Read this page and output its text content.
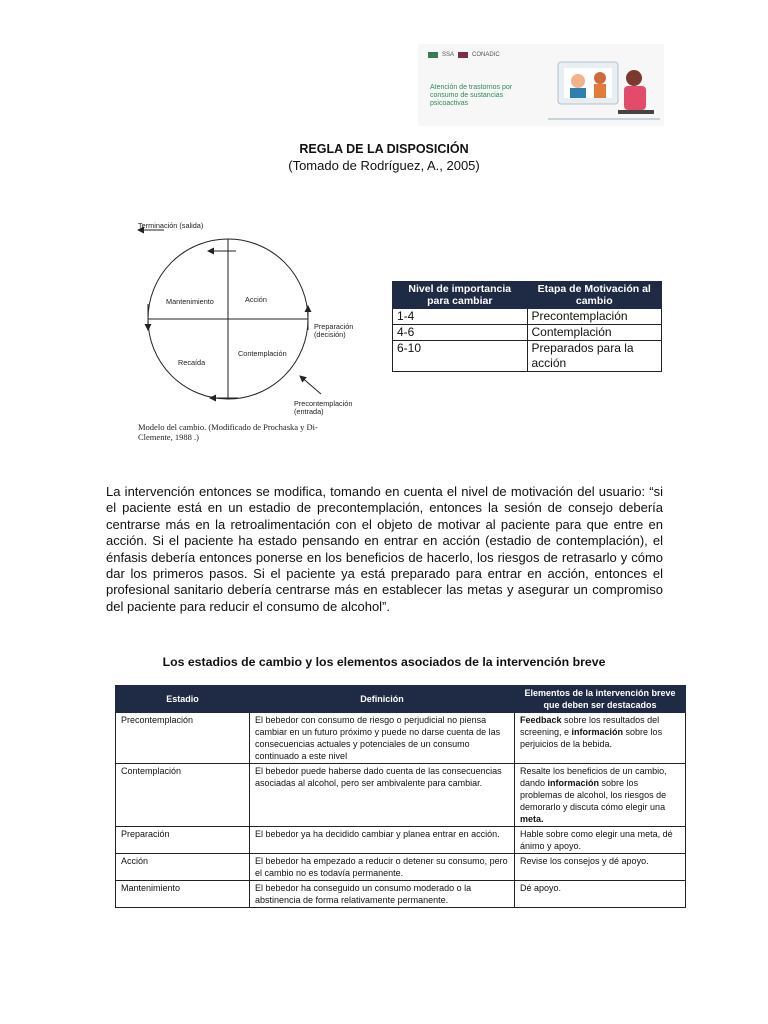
SSA	CONADIC
Atención de trastornos por consumo de sustancias psicoactivas
REGLA DE LA DISPOSICIÓN
(Tomado de Rodríguez, A., 2005)
Terminación (salida)
Mantenimiento	Acción
Preparación
(decisión)
Recaída
Contemplación
Precontemplación
(entrada)
Modelo del cambio. (Modificado de Prochaska y Di-Clemente, 1988 .)
Nivel de importancia para cambiar	Etapa de Motivación al cambio
1-4	Precontemplación
4-6	Contemplación
6-10	Preparados para la acción
La intervención entonces se modifica, tomando en cuenta el nivel de motivación del usuario: “si el paciente está en un estadio de precontemplación, entonces la sesión de consejo debería centrarse más en la retroalimentación con el objeto de motivar al paciente para que entre en acción. Si el paciente ha estado pensando en entrar en acción (estadio de contemplación), el énfasis debería entonces ponerse en los beneficios de hacerlo, los riesgos de retrasarlo y cómo dar los primeros pasos. Si el paciente ya está preparado para entrar en acción, entonces el profesional sanitario debería centrarse más en establecer las metas y asegurar un compromiso del paciente para reducir el consumo de alcohol”.
Los estadios de cambio y los elementos asociados de la intervención breve
Estadio	Definición	Elementos de la intervención breve que deben ser destacados
Precontemplación	El bebedor con consumo de riesgo o perjudicial no piensa cambiar en un futuro próximo y puede no darse cuenta de las consecuencias actuales y potenciales de un consumo continuado a este nivel	Feedback sobre los resultados del screening, e información sobre los perjuicios de la bebida.
Contemplación	El bebedor puede haberse dado cuenta de las consecuencias asociadas al alcohol, pero ser ambivalente para cambiar.	Resalte los beneficios de un cambio, dando información sobre los problemas de alcohol, los riesgos de demorarlo y discuta cómo elegir una meta.
Preparación	El bebedor ya ha decidido cambiar y planea entrar en acción.	Hable sobre como elegir una meta, dé ánimo y apoyo.
Acción	El bebedor ha empezado a reducir o detener su consumo, pero el cambio no es todavía permanente.	Revise los consejos y dé apoyo.
Mantenimiento	El bebedor ha conseguido un consumo moderado o la abstinencia de forma relativamente permanente.	Dé apoyo.
